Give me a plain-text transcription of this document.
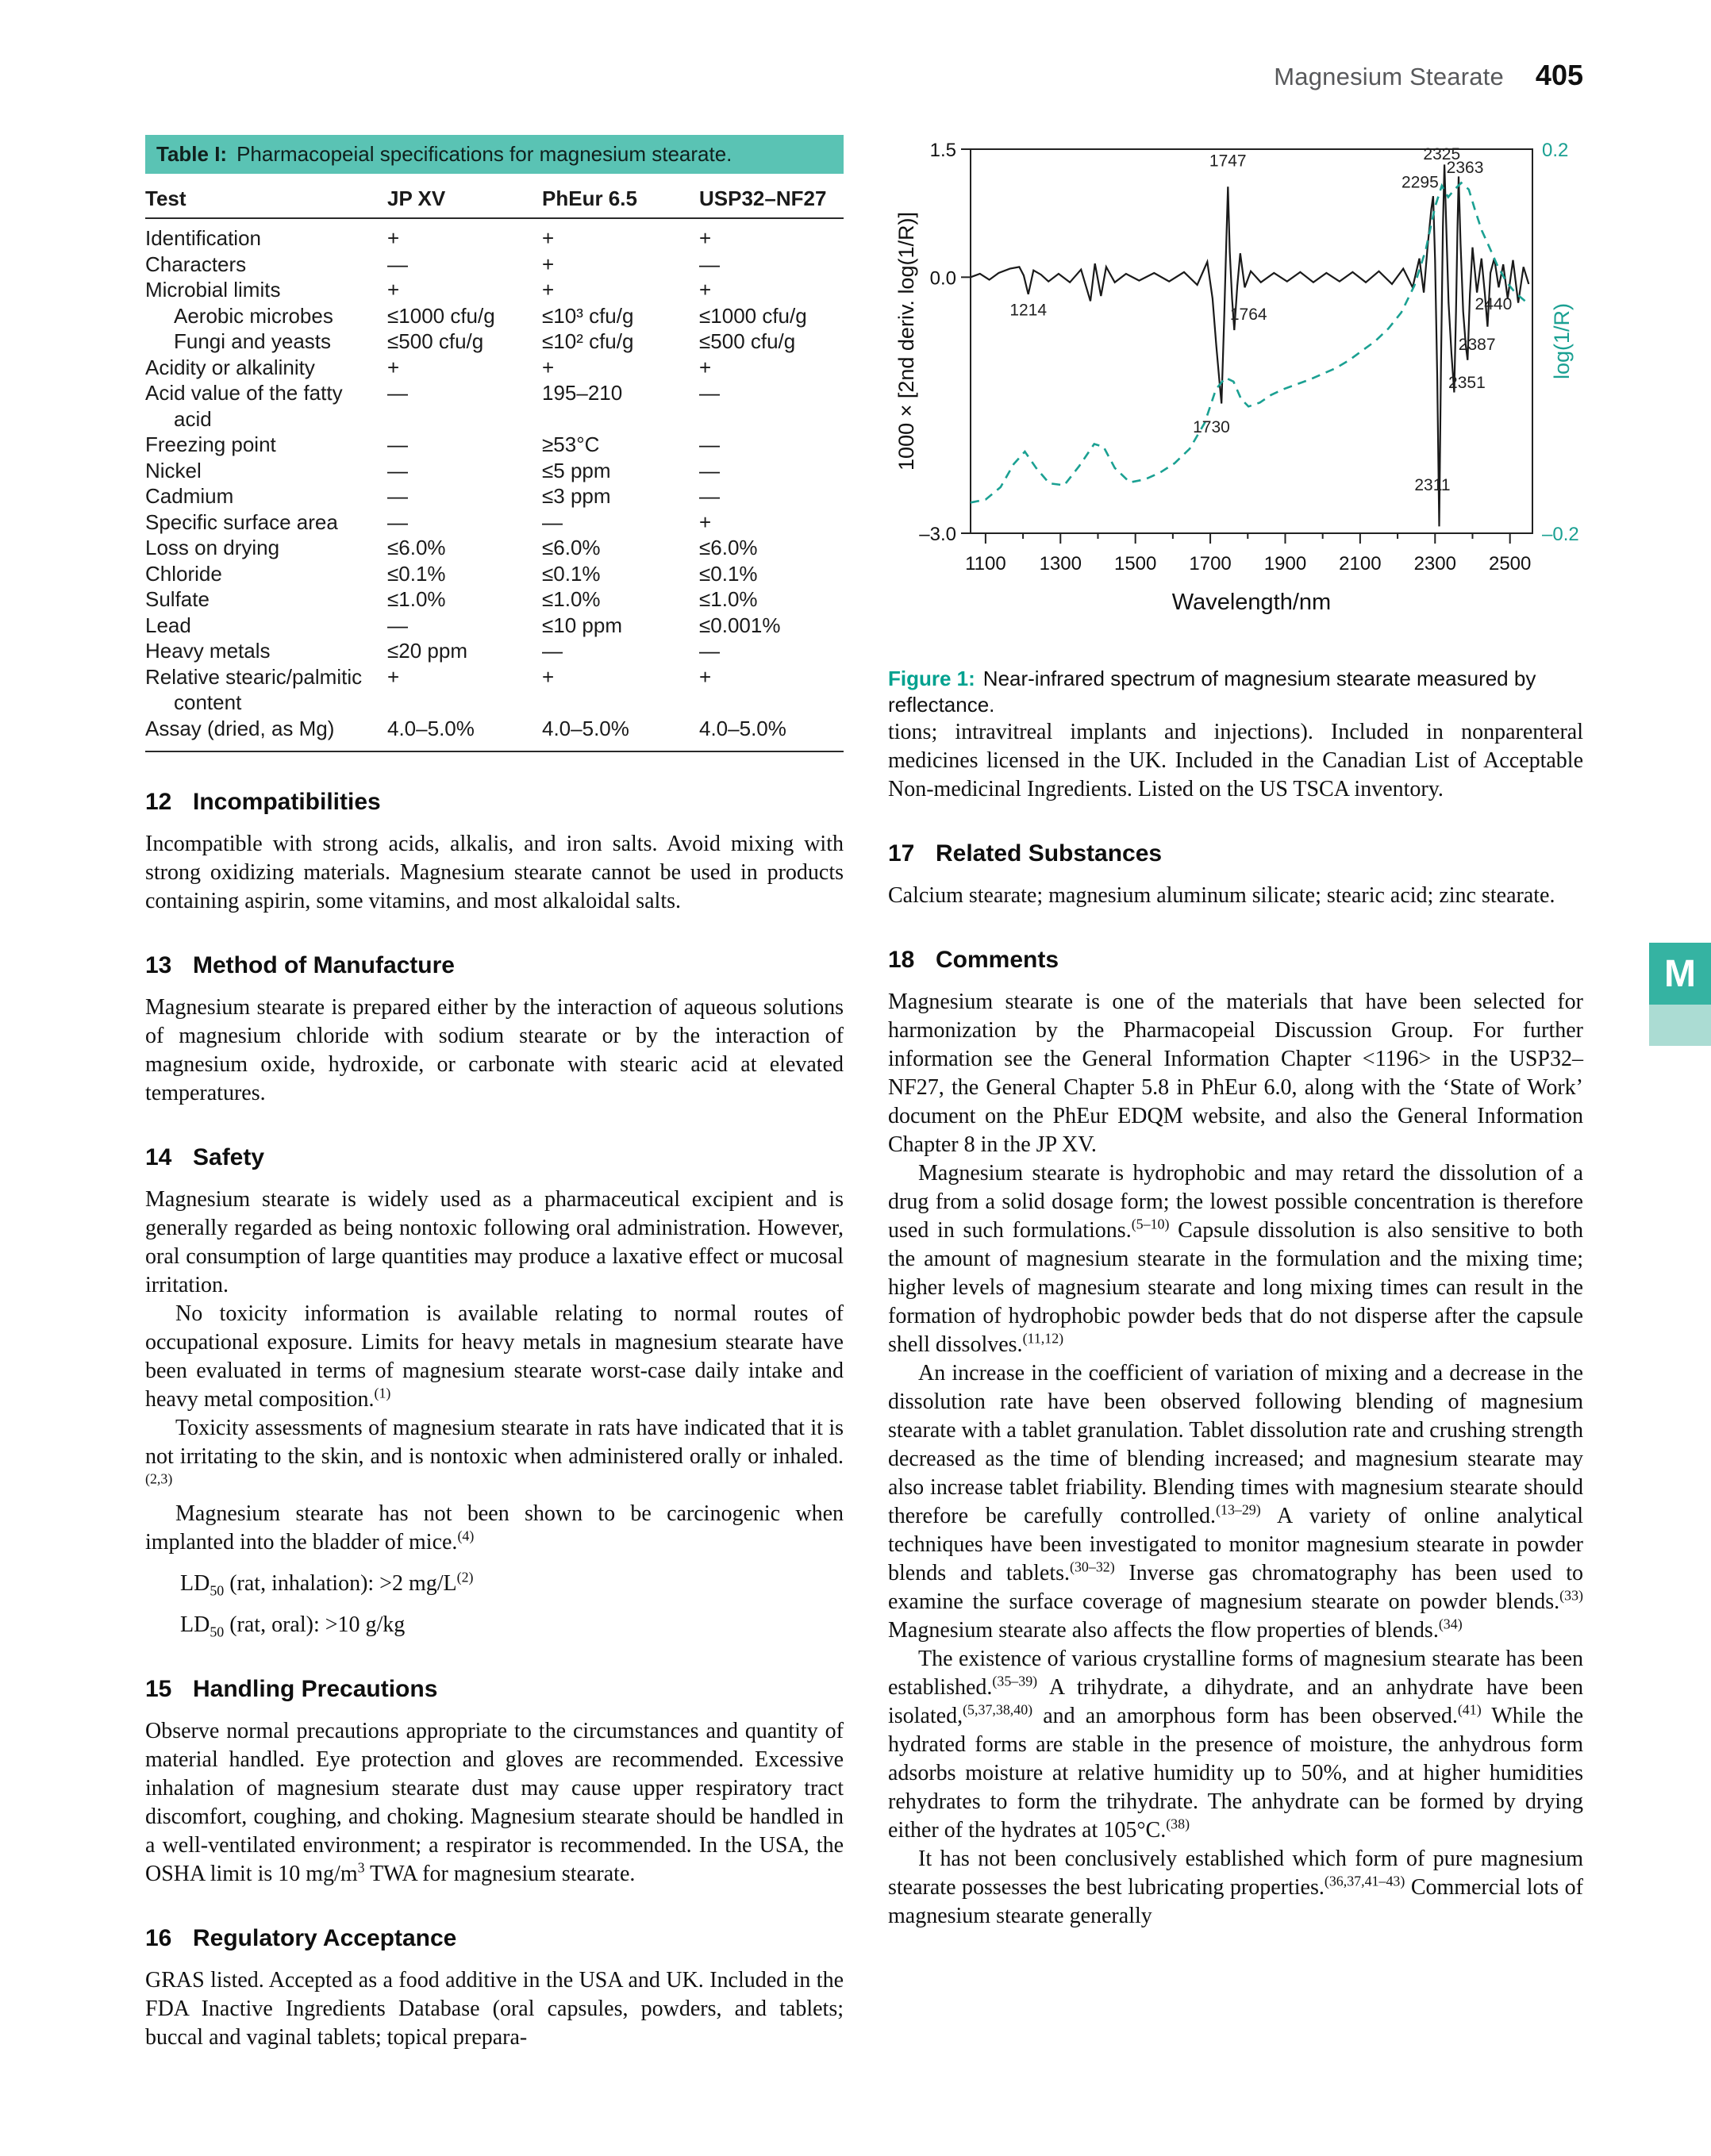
Magnesium Stearate 405
Table I: Pharmacopeial specifications for magnesium stearate.
Test	JP XV	PhEur 6.5	USP32–NF27
Identification	+	+	+
Characters	—	+	—
Microbial limits	+	+	+
Aerobic microbes	≤1000 cfu/g	≤10³ cfu/g	≤1000 cfu/g
Fungi and yeasts	≤500 cfu/g	≤10² cfu/g	≤500 cfu/g
Acidity or alkalinity	+	+	+
Acid value of the fatty	—	195–210	—
acid
Freezing point	—	≥53°C	—
Nickel	—	≤5 ppm	—
Cadmium	—	≤3 ppm	—
Specific surface area	—	—	+
Loss on drying	≤6.0%	≤6.0%	≤6.0%
Chloride	≤0.1%	≤0.1%	≤0.1%
Sulfate	≤1.0%	≤1.0%	≤1.0%
Lead	—	≤10 ppm	≤0.001%
Heavy metals	≤20 ppm	—	—
Relative stearic/palmitic	+	+	+
content
Assay (dried, as Mg)	4.0–5.0%	4.0–5.0%	4.0–5.0%
12 Incompatibilities

Incompatible with strong acids, alkalis, and iron salts. Avoid mixing with strong oxidizing materials. Magnesium stearate cannot be used in products containing aspirin, some vitamins, and most alkaloidal salts.

13 Method of Manufacture

Magnesium stearate is prepared either by the interaction of aqueous solutions of magnesium chloride with sodium stearate or by the interaction of magnesium oxide, hydroxide, or carbonate with stearic acid at elevated temperatures.

14 Safety

Magnesium stearate is widely used as a pharmaceutical excipient and is generally regarded as being nontoxic following oral administration. However, oral consumption of large quantities may produce a laxative effect or mucosal irritation.

No toxicity information is available relating to normal routes of occupational exposure. Limits for heavy metals in magnesium stearate have been evaluated in terms of magnesium stearate worst-case daily intake and heavy metal composition.$^{(1)}$

Toxicity assessments of magnesium stearate in rats have indicated that it is not irritating to the skin, and is nontoxic when administered orally or inhaled.$^{(2,3)}$

Magnesium stearate has not been shown to be carcinogenic when implanted into the bladder of mice.$^{(4)}$

$LD_{50}$ (rat, inhalation): >2 $mg/L^{(2)}$

$LD_{50}$ (rat, oral): >10 g/kg

15 Handling Precautions

Observe normal precautions appropriate to the circumstances and quantity of material handled. Eye protection and gloves are recommended. Excessive inhalation of magnesium stearate dust may cause upper respiratory tract discomfort, coughing, and choking. Magnesium stearate should be handled in a well-ventilated environment; a respirator is recommended. In the USA, the OSHA limit is 10 $mg/m^3$ TWA for magnesium stearate.

16 Regulatory Acceptance

GRAS listed. Accepted as a food additive in the USA and UK. Included in the FDA Inactive Ingredients Database (oral capsules, powders, and tablets; buccal and vaginal tablets; topical prepara-

1100 1300 1500 1700 1900 2100 2300 2500
1.5
0.0
–3.0
0.2
–0.2
1000 × [2nd deriv. log(1/R)]	log(1/R)
Wavelength/nm
1214
1747
1730
1764
2295
2325
2363
2440
2387
2351
2311
Figure 1: Near-infrared spectrum of magnesium stearate measured by reflectance.

tions; intravitreal implants and injections). Included in nonparenteral medicines licensed in the UK. Included in the Canadian List of Acceptable Non-medicinal Ingredients. Listed on the US TSCA inventory.

17 Related Substances

Calcium stearate; magnesium aluminum silicate; stearic acid; zinc stearate.

18 Comments

Magnesium stearate is one of the materials that have been selected for harmonization by the Pharmacopeial Discussion Group. For further information see the General Information Chapter <1196> in the USP32–NF27, the General Chapter 5.8 in PhEur 6.0, along with the ‘State of Work’ document on the PhEur EDQM website, and also the General Information Chapter 8 in the JP XV.

Magnesium stearate is hydrophobic and may retard the dissolution of a drug from a solid dosage form; the lowest possible concentration is therefore used in such formulations.$^{(5-10)}$ Capsule dissolution is also sensitive to both the amount of magnesium stearate in the formulation and the mixing time; higher levels of magnesium stearate and long mixing times can result in the formation of hydrophobic powder beds that do not disperse after the capsule shell dissolves.$^{(11,12)}$

An increase in the coefficient of variation of mixing and a decrease in the dissolution rate have been observed following blending of magnesium stearate with a tablet granulation. Tablet dissolution rate and crushing strength decreased as the time of blending increased; and magnesium stearate may also increase tablet friability. Blending times with magnesium stearate should therefore be carefully controlled.$^{(13-29)}$ A variety of online analytical techniques have been investigated to monitor magnesium stearate in powder blends and tablets.$^{(30-32)}$ Inverse gas chromatography has been used to examine the surface coverage of magnesium stearate on powder blends.$^{(33)}$ Magnesium stearate also affects the flow properties of blends.$^{(34)}$

The existence of various crystalline forms of magnesium stearate has been established.$^{(35-39)}$ A trihydrate, a dihydrate, and an anhydrate have been isolated,$^{(5,37,38,40)}$ and an amorphous form has been observed.$^{(41)}$ While the hydrated forms are stable in the presence of moisture, the anhydrous form adsorbs moisture at relative humidity up to 50%, and at higher humidities rehydrates to form the trihydrate. The anhydrate can be formed by drying either of the hydrates at 105°C.$^{(38)}$

It has not been conclusively established which form of pure magnesium stearate possesses the best lubricating properties.$^{(36,37,41-43)}$ Commercial lots of magnesium stearate generally

M
